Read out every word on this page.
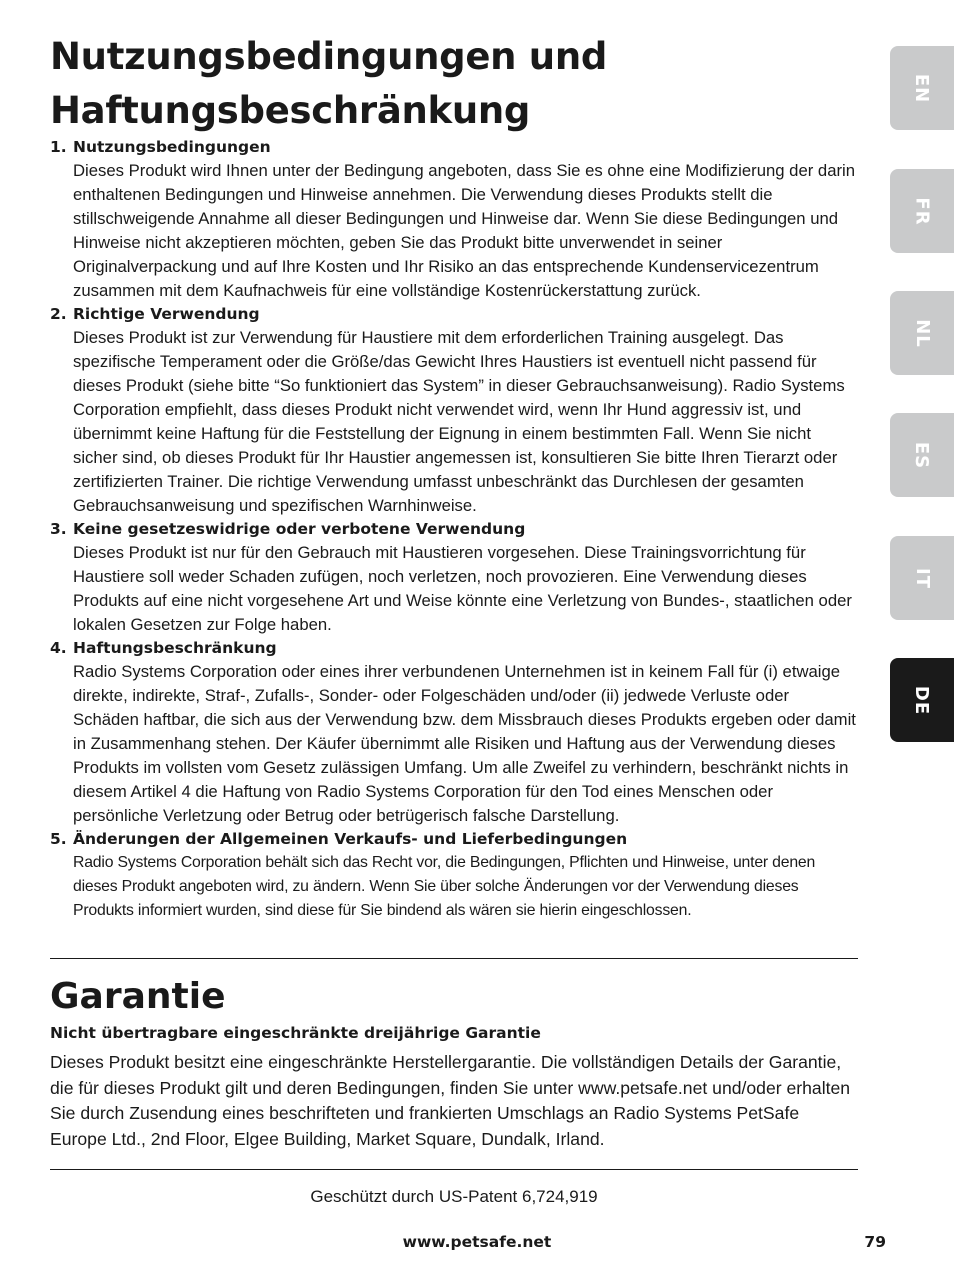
Nutzungsbedingungen und
Haftungsbeschränkung
1. Nutzungsbedingungen

Dieses Produkt wird Ihnen unter der Bedingung angeboten, dass Sie es ohne eine Modifizierung der darin enthaltenen Bedingungen und Hinweise annehmen. Die Verwendung dieses Produkts stellt die stillschweigende Annahme all dieser Bedingungen und Hinweise dar. Wenn Sie diese Bedingungen und Hinweise nicht akzeptieren möchten, geben Sie das Produkt bitte unverwendet in seiner Originalverpackung und auf Ihre Kosten und Ihr Risiko an das entsprechende Kundenservicezentrum zusammen mit dem Kaufnachweis für eine vollständige Kostenrückerstattung zurück.

2. Richtige Verwendung

Dieses Produkt ist zur Verwendung für Haustiere mit dem erforderlichen Training ausgelegt. Das spezifische Temperament oder die Größe/das Gewicht Ihres Haustiers ist eventuell nicht passend für dieses Produkt (siehe bitte “So funktioniert das System” in dieser Gebrauchsanweisung). Radio Systems Corporation empfiehlt, dass dieses Produkt nicht verwendet wird, wenn Ihr Hund aggressiv ist, und übernimmt keine Haftung für die Feststellung der Eignung in einem bestimmten Fall. Wenn Sie nicht sicher sind, ob dieses Produkt für Ihr Haustier angemessen ist, konsultieren Sie bitte Ihren Tierarzt oder zertifizierten Trainer. Die richtige Verwendung umfasst unbeschränkt das Durchlesen der gesamten Gebrauchsanweisung und spezifischen Warnhinweise.

3. Keine gesetzeswidrige oder verbotene Verwendung

Dieses Produkt ist nur für den Gebrauch mit Haustieren vorgesehen. Diese Trainingsvorrichtung für Haustiere soll weder Schaden zufügen, noch verletzen, noch provozieren. Eine Verwendung dieses Produkts auf eine nicht vorgesehene Art und Weise könnte eine Verletzung von Bundes-, staatlichen oder lokalen Gesetzen zur Folge haben.

4. Haftungsbeschränkung

Radio Systems Corporation oder eines ihrer verbundenen Unternehmen ist in keinem Fall für (i) etwaige direkte, indirekte, Straf-, Zufalls-, Sonder- oder Folgeschäden und/oder (ii) jedwede Verluste oder Schäden haftbar, die sich aus der Verwendung bzw. dem Missbrauch dieses Produkts ergeben oder damit in Zusammenhang stehen. Der Käufer übernimmt alle Risiken und Haftung aus der Verwendung dieses Produkts im vollsten vom Gesetz zulässigen Umfang. Um alle Zweifel zu verhindern, beschränkt nichts in diesem Artikel 4 die Haftung von Radio Systems Corporation für den Tod eines Menschen oder persönliche Verletzung oder Betrug oder betrügerisch falsche Darstellung.

5. Änderungen der Allgemeinen Verkaufs- und Lieferbedingungen

Radio Systems Corporation behält sich das Recht vor, die Bedingungen, Pflichten und Hinweise, unter denen dieses Produkt angeboten wird, zu ändern. Wenn Sie über solche Änderungen vor der Verwendung dieses Produkts informiert wurden, sind diese für Sie bindend als wären sie hierin eingeschlossen.

Garantie

Nicht übertragbare eingeschränkte dreijährige Garantie

Dieses Produkt besitzt eine eingeschränkte Herstellergarantie. Die vollständigen Details der Garantie, die für dieses Produkt gilt und deren Bedingungen, finden Sie unter www.petsafe.net und/oder erhalten Sie durch Zusendung eines beschrifteten und frankierten Umschlags an Radio Systems PetSafe Europe Ltd., 2nd Floor, Elgee Building, Market Square, Dundalk, Irland.

Geschützt durch US-Patent 6,724,919
www.petsafe.net	79
EN
FR
NL
ES
IT
DE
